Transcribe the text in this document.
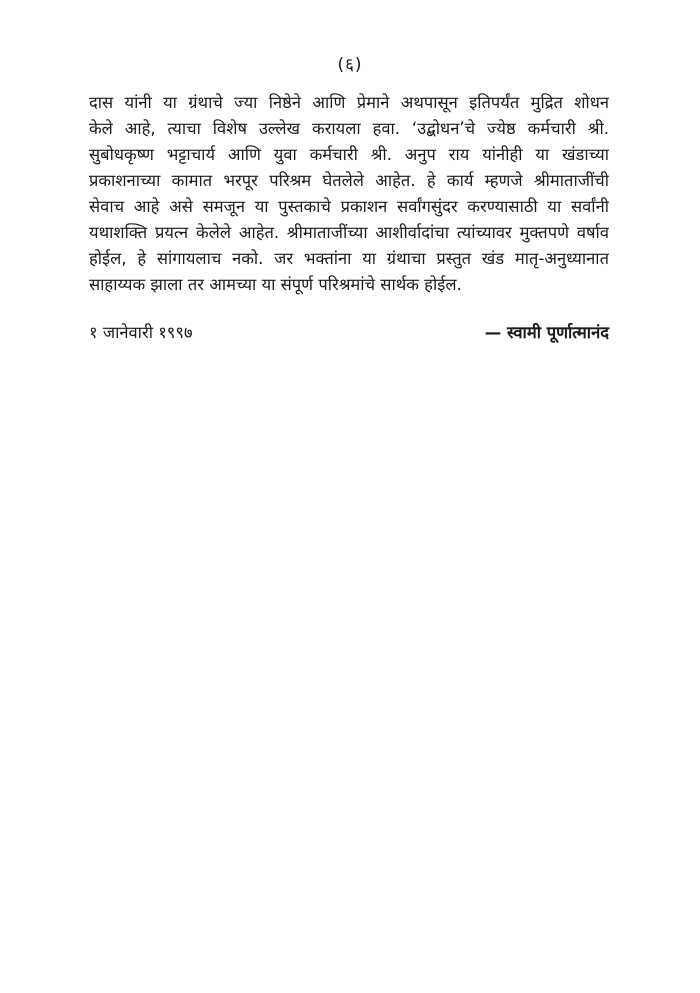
(६)
दास यांनी या ग्रंथाचे ज्या निष्ठेने आणि प्रेमाने अथपासून इतिपर्यंत मुद्रित शोधन
केले आहे, त्याचा विशेष उल्लेख करायला हवा. ‘उद्बोधन’चे ज्येष्ठ कर्मचारी श्री.
सुबोधकृष्ण भट्टाचार्य आणि युवा कर्मचारी श्री. अनुप राय यांनीही या खंडाच्या
प्रकाशनाच्या कामात भरपूर परिश्रम घेतलेले आहेत. हे कार्य म्हणजे श्रीमाताजींची
सेवाच आहे असे समजून या पुस्तकाचे प्रकाशन सर्वांगसुंदर करण्यासाठी या सर्वांनी
यथाशक्ति प्रयत्न केलेले आहेत. श्रीमाताजींच्या आशीर्वादांचा त्यांच्यावर मुक्तपणे वर्षाव
होईल, हे सांगायलाच नको. जर भक्तांना या ग्रंथाचा प्रस्तुत खंड मातृ-अनुध्यानात
साहाय्यक झाला तर आमच्या या संपूर्ण परिश्रमांचे सार्थक होईल.
१ जानेवारी १९९७	— स्वामी पूर्णात्मानंद
